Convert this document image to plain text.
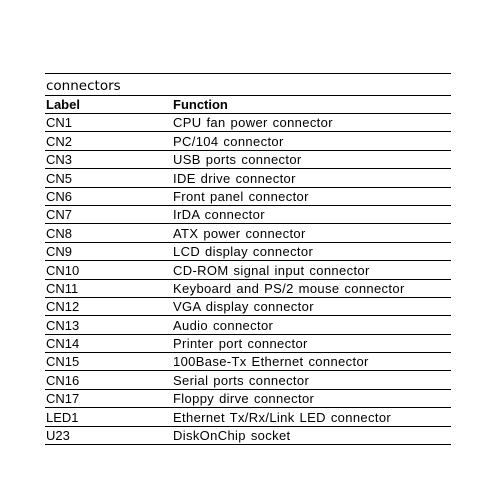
connectors
Label	Function
CN1	CPU fan power connector
CN2	PC/104 connector
CN3	USB ports connector
CN5	IDE drive connector
CN6	Front panel connector
CN7	IrDA connector
CN8	ATX power connector
CN9	LCD display connector
CN10	CD-ROM signal input connector
CN11	Keyboard and PS/2 mouse connector
CN12	VGA display connector
CN13	Audio connector
CN14	Printer port connector
CN15	100Base-Tx Ethernet connector
CN16	Serial ports connector
CN17	Floppy dirve connector
LED1	Ethernet Tx/Rx/Link LED connector
U23	DiskOnChip socket
